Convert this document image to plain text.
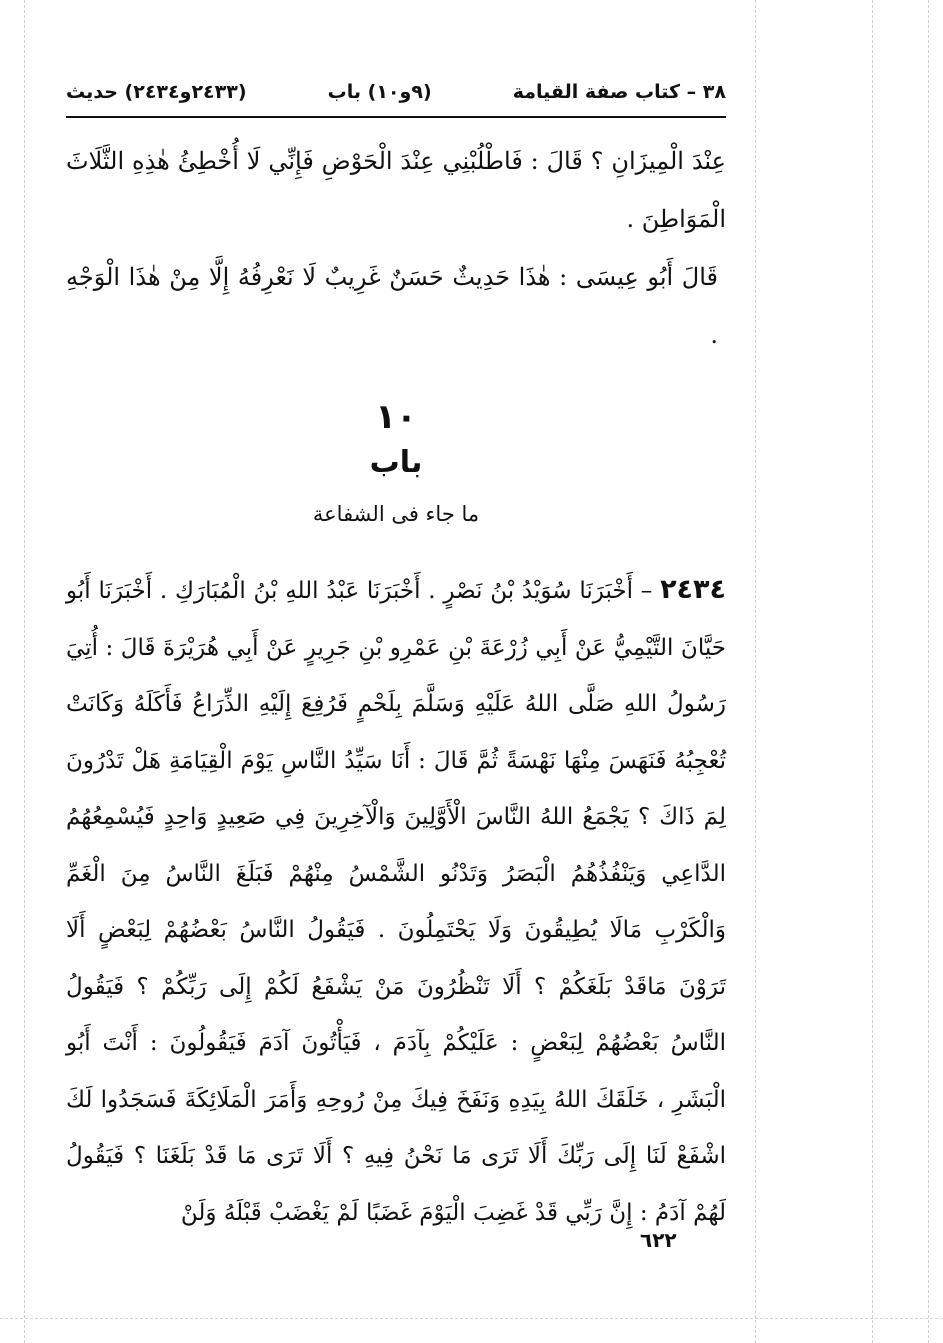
٣٨ – كتاب صفة القيامة
(٩و١٠) باب
(٢٤٣٣و٢٤٣٤) حديث

عِنْدَ الْمِيزَانِ ؟ قَالَ : فَاطْلُبْنِي عِنْدَ الْحَوْضِ فَإِنِّي لَا أُخْطِئُ هٰذِهِ الثَّلَاثَ الْمَوَاطِنَ .

قَالَ أَبُو عِيسَى : هٰذَا حَدِيثٌ حَسَنٌ غَرِيبٌ لَا نَعْرِفُهُ إِلَّا مِنْ هٰذَا الْوَجْهِ .

١٠
باب
ما جاء فى الشفاعة
٢٤٣٤ – أَخْبَرَنَا سُوَيْدُ بْنُ نَصْرٍ . أَخْبَرَنَا عَبْدُ اللهِ بْنُ الْمُبَارَكِ . أَخْبَرَنَا أَبُو حَيَّانَ التَّيْمِيُّ عَنْ أَبِي زُرْعَةَ بْنِ عَمْرِو بْنِ جَرِيرٍ عَنْ أَبِي هُرَيْرَةَ قَالَ : أُتِيَ رَسُولُ اللهِ صَلَّى اللهُ عَلَيْهِ وَسَلَّمَ بِلَحْمٍ فَرُفِعَ إِلَيْهِ الذِّرَاعُ فَأَكَلَهُ وَكَانَتْ تُعْجِبُهُ فَنَهَسَ مِنْهَا نَهْسَةً ثُمَّ قَالَ : أَنَا سَيِّدُ النَّاسِ يَوْمَ الْقِيَامَةِ هَلْ تَدْرُونَ لِمَ ذَاكَ ؟ يَجْمَعُ اللهُ النَّاسَ الْأَوَّلِينَ وَالْآخِرِينَ فِي صَعِيدٍ وَاحِدٍ فَيُسْمِعُهُمُ الدَّاعِي وَيَنْفُذُهُمُ الْبَصَرُ وَتَدْنُو الشَّمْسُ مِنْهُمْ فَبَلَغَ النَّاسُ مِنَ الْغَمِّ وَالْكَرْبِ مَالَا يُطِيقُونَ وَلَا يَحْتَمِلُونَ . فَيَقُولُ النَّاسُ بَعْضُهُمْ لِبَعْضٍ أَلَا تَرَوْنَ مَاقَدْ بَلَغَكُمْ ؟ أَلَا تَنْظُرُونَ مَنْ يَشْفَعُ لَكُمْ إِلَى رَبِّكُمْ ؟ فَيَقُولُ النَّاسُ بَعْضُهُمْ لِبَعْضٍ : عَلَيْكُمْ بِآدَمَ ، فَيَأْتُونَ آدَمَ فَيَقُولُونَ : أَنْتَ أَبُو الْبَشَرِ ، خَلَقَكَ اللهُ بِيَدِهِ وَنَفَخَ فِيكَ مِنْ رُوحِهِ وَأَمَرَ الْمَلَائِكَةَ فَسَجَدُوا لَكَ اشْفَعْ لَنَا إِلَى رَبِّكَ أَلَا تَرَى مَا نَحْنُ فِيهِ ؟ أَلَا تَرَى مَا قَدْ بَلَغَنَا ؟ فَيَقُولُ لَهُمْ آدَمُ : إِنَّ رَبِّي قَدْ غَضِبَ الْيَوْمَ غَضَبًا لَمْ يَغْضَبْ قَبْلَهُ وَلَنْ
٦٢٢
